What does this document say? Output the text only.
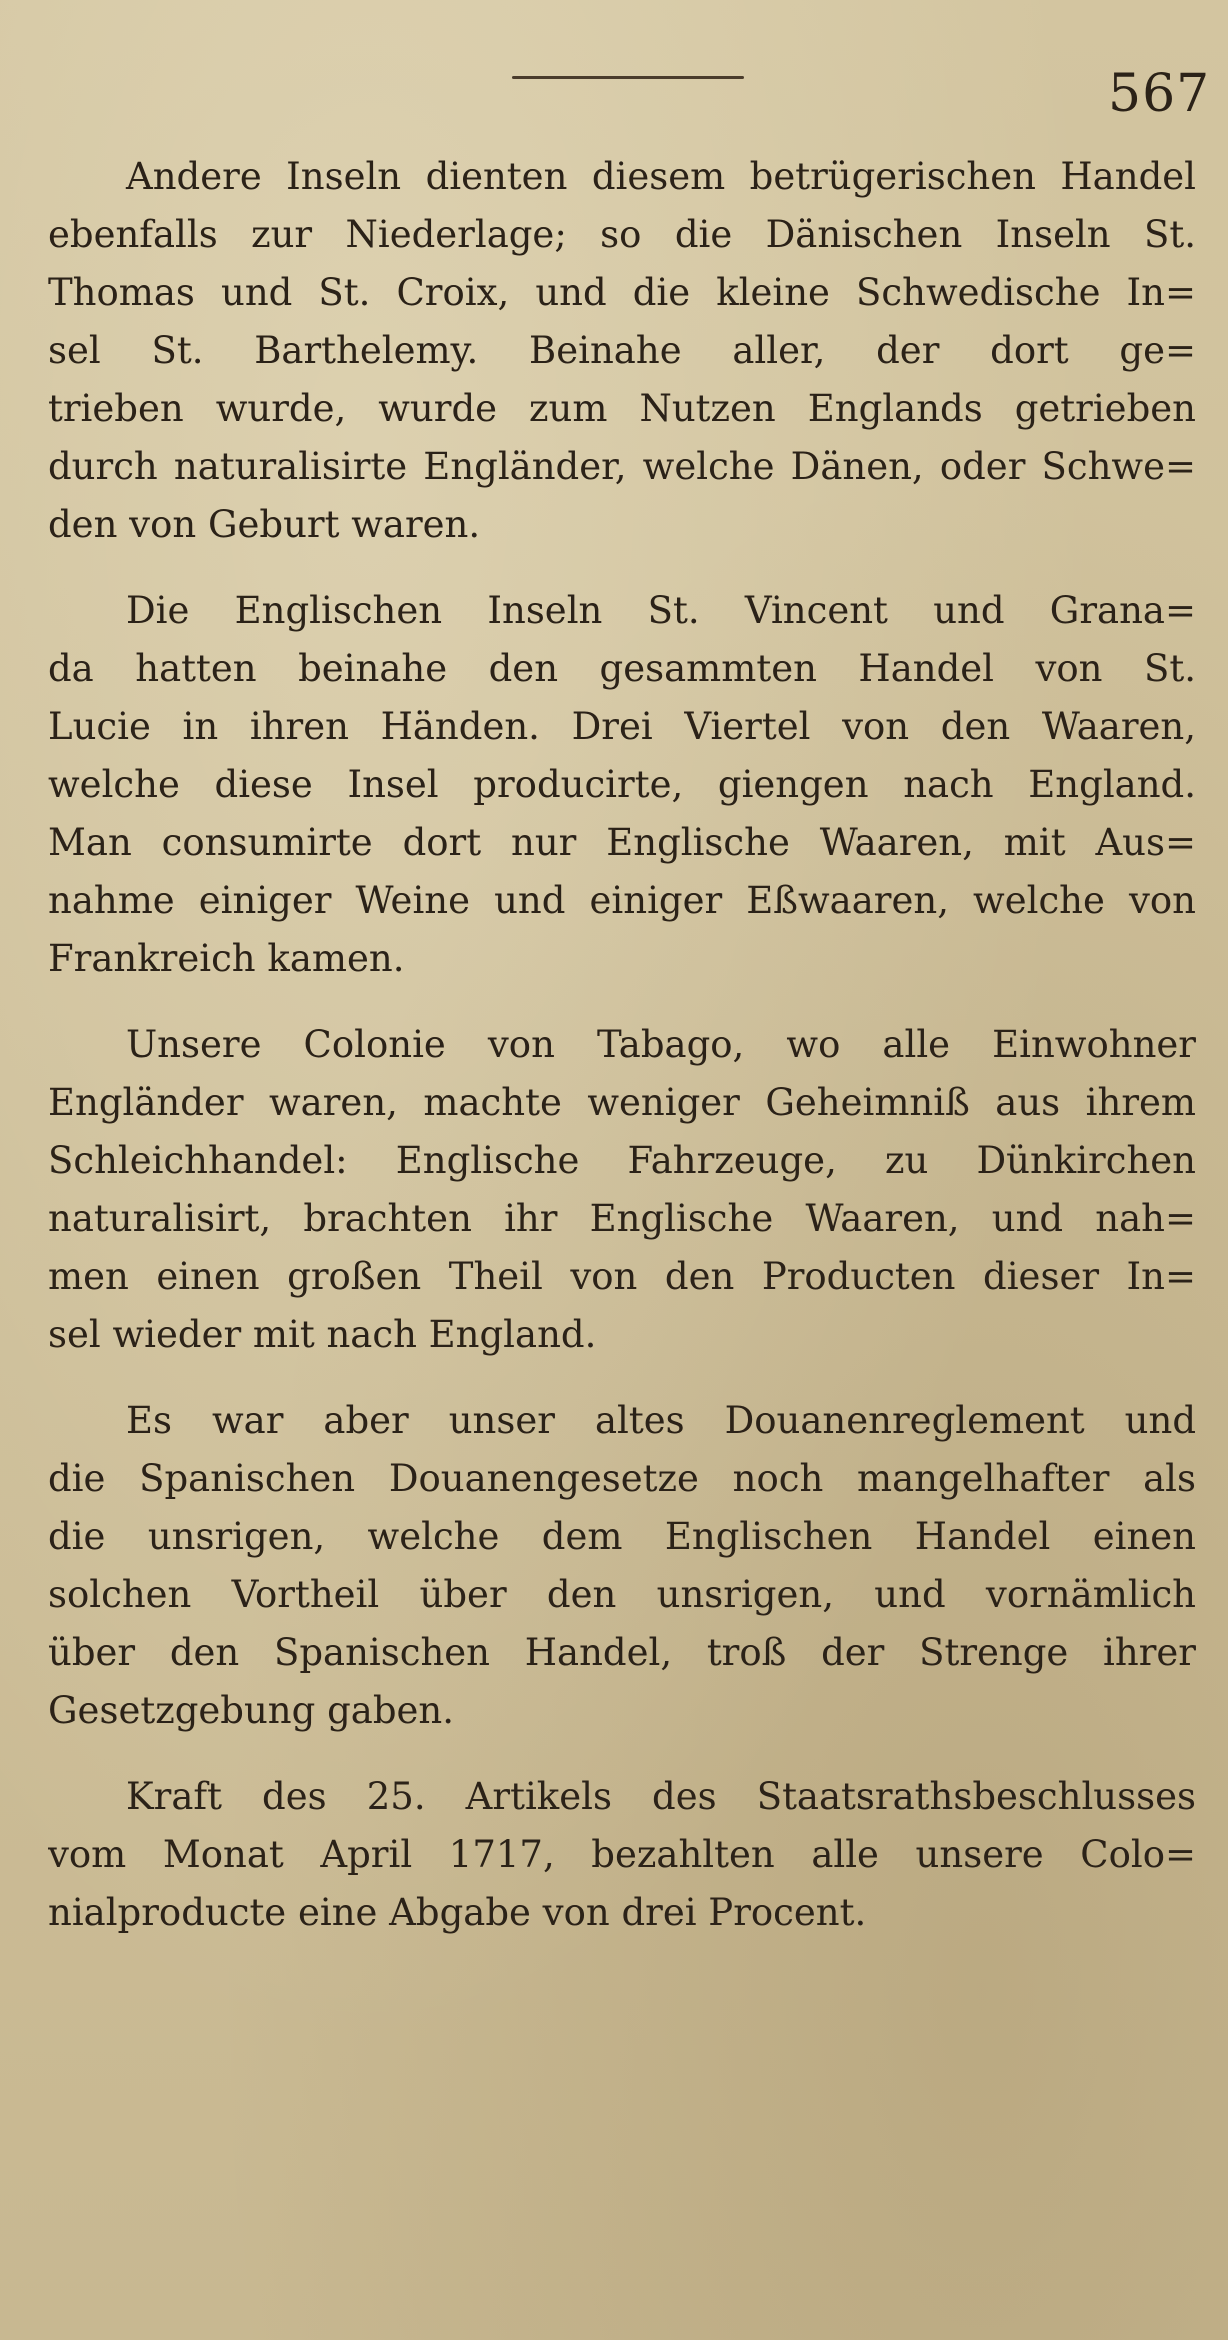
567

Andere Inseln dienten diesem betrügerischen Handel
ebenfalls zur Niederlage; so die Dänischen Inseln St.
Thomas und St. Croix, und die kleine Schwedische In=
sel St. Barthelemy. Beinahe aller, der dort ge=
trieben wurde, wurde zum Nutzen Englands getrieben
durch naturalisirte Engländer, welche Dänen, oder Schwe=
den von Geburt waren.

Die Englischen Inseln St. Vincent und Grana=
da hatten beinahe den gesammten Handel von St.
Lucie in ihren Händen. Drei Viertel von den Waaren,
welche diese Insel producirte, giengen nach England.
Man consumirte dort nur Englische Waaren, mit Aus=
nahme einiger Weine und einiger Eßwaaren, welche von
Frankreich kamen.

Unsere Colonie von Tabago, wo alle Einwohner
Engländer waren, machte weniger Geheimniß aus ihrem
Schleichhandel: Englische Fahrzeuge, zu Dünkirchen
naturalisirt, brachten ihr Englische Waaren, und nah=
men einen großen Theil von den Producten dieser In=
sel wieder mit nach England.

Es war aber unser altes Douanenreglement und
die Spanischen Douanengesetze noch mangelhafter als
die unsrigen, welche dem Englischen Handel einen
solchen Vortheil über den unsrigen, und vornämlich
über den Spanischen Handel, troß der Strenge ihrer
Gesetzgebung gaben.

Kraft des 25. Artikels des Staatsrathsbeschlusses
vom Monat April 1717, bezahlten alle unsere Colo=
nialproducte eine Abgabe von drei Procent.
